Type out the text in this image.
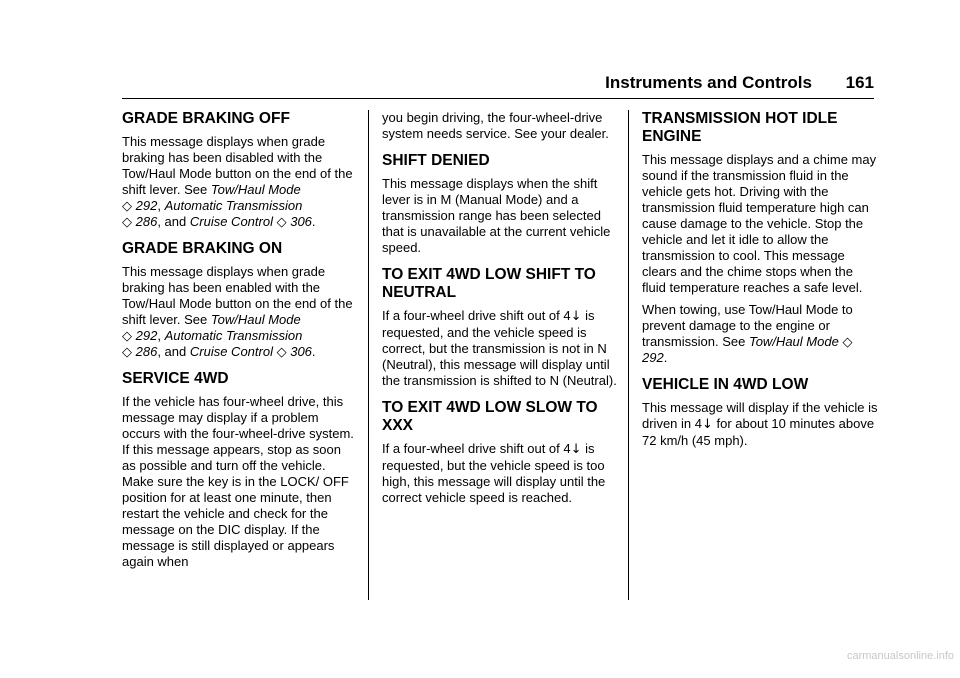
Instruments and Controls 161
GRADE BRAKING OFF

This message displays when grade braking has been disabled with the Tow/Haul Mode button on the end of the shift lever. See Tow/Haul Mode
◇ 292, Automatic Transmission
◇ 286, and Cruise Control ◇ 306.

GRADE BRAKING ON

This message displays when grade braking has been enabled with the Tow/Haul Mode button on the end of the shift lever. See Tow/Haul Mode
◇ 292, Automatic Transmission
◇ 286, and Cruise Control ◇ 306.

SERVICE 4WD

If the vehicle has four-wheel drive, this message may display if a problem occurs with the four-wheel-drive system. If this message appears, stop as soon as possible and turn off the vehicle. Make sure the key is in the LOCK/ OFF position for at least one minute, then restart the vehicle and check for the message on the DIC display. If the message is still displayed or appears again when

you begin driving, the four-wheel-drive system needs service. See your dealer.

SHIFT DENIED

This message displays when the shift lever is in M (Manual Mode) and a transmission range has been selected that is unavailable at the current vehicle speed.

TO EXIT 4WD LOW SHIFT TO NEUTRAL

If a four-wheel drive shift out of 4↓ is requested, and the vehicle speed is correct, but the transmission is not in N (Neutral), this message will display until the transmission is shifted to N (Neutral).

TO EXIT 4WD LOW SLOW TO XXX

If a four-wheel drive shift out of 4↓ is requested, but the vehicle speed is too high, this message will display until the correct vehicle speed is reached.

TRANSMISSION HOT IDLE ENGINE

This message displays and a chime may sound if the transmission fluid in the vehicle gets hot. Driving with the transmission fluid temperature high can cause damage to the vehicle. Stop the vehicle and let it idle to allow the transmission to cool. This message clears and the chime stops when the fluid temperature reaches a safe level.

When towing, use Tow/Haul Mode to prevent damage to the engine or transmission. See Tow/Haul Mode ◇ 292.

VEHICLE IN 4WD LOW

This message will display if the vehicle is driven in 4↓ for about 10 minutes above 72 km/h (45 mph).

carmanualsonline.info
